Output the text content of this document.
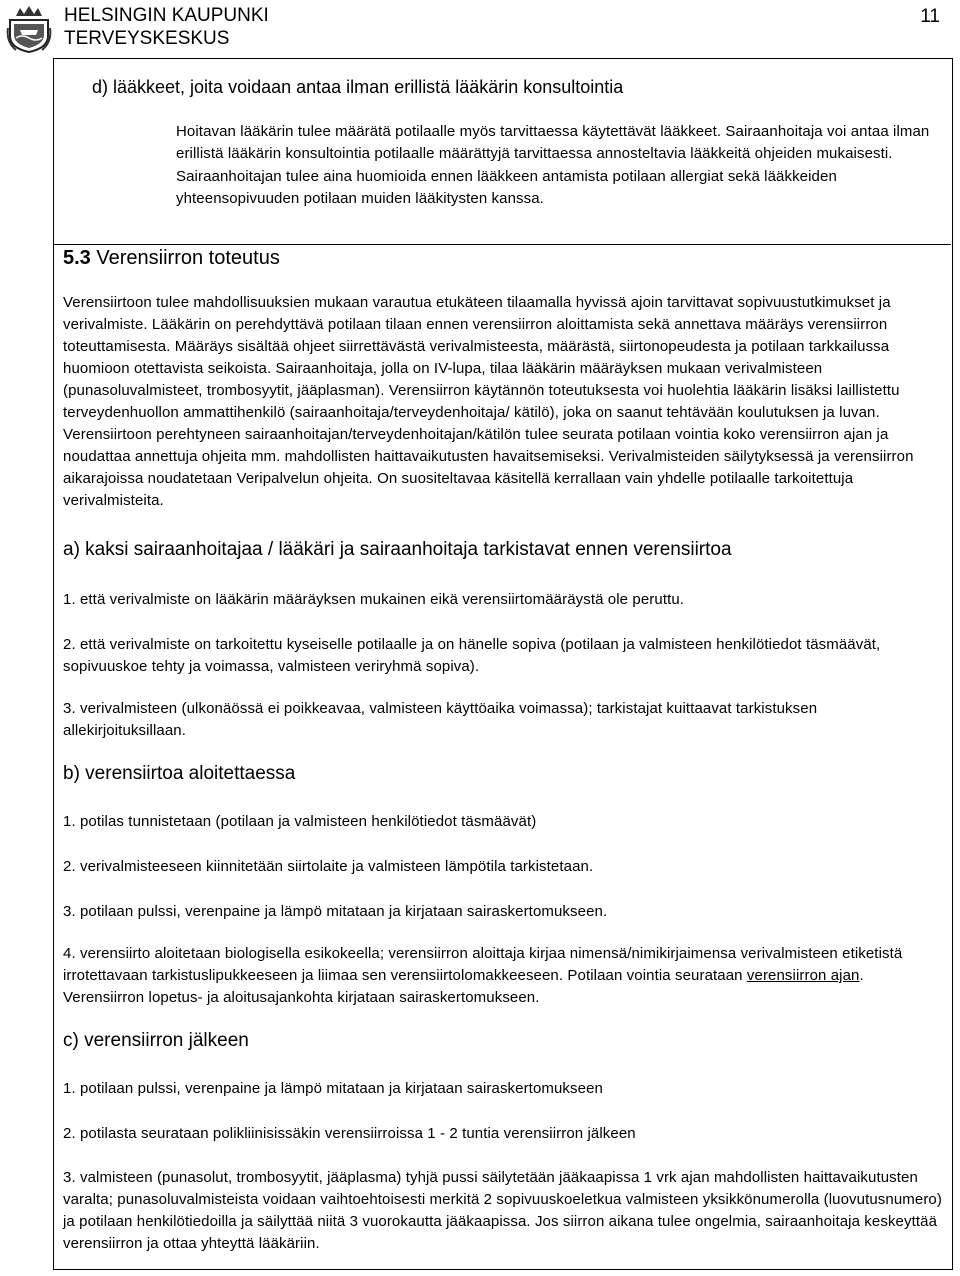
HELSINGIN KAUPUNKI
TERVEYSKESKUS
11
d) lääkkeet, joita voidaan antaa ilman erillistä lääkärin konsultointia

Hoitavan lääkärin tulee määrätä potilaalle myös tarvittaessa käytettävät lääkkeet. Sairaanhoitaja voi antaa ilman erillistä lääkärin konsultointia potilaalle määrättyjä tarvittaessa annosteltavia lääkkeitä ohjeiden mukaisesti.

Sairaanhoitajan tulee aina huomioida ennen lääkkeen antamista potilaan allergiat sekä lääkkeiden yhteensopivuuden potilaan muiden lääkitysten kanssa.

5.3 Verensiirron toteutus

Verensiirtoon tulee mahdollisuuksien mukaan varautua etukäteen tilaamalla hyvissä ajoin tarvittavat sopivuustutkimukset ja verivalmiste. Lääkärin on perehdyttävä potilaan tilaan ennen verensiirron aloittamista sekä annettava määräys verensiirron toteuttamisesta. Määräys sisältää ohjeet siirrettävästä verivalmisteesta, määrästä, siirtonopeudesta ja potilaan tarkkailussa huomioon otettavista seikoista. Sairaanhoitaja, jolla on IV-lupa, tilaa lääkärin määräyksen mukaan verivalmisteen (punasoluvalmisteet, trombosyytit, jääplasman). Verensiirron käytännön toteutuksesta voi huolehtia lääkärin lisäksi laillistettu terveydenhuollon ammattihenkilö (sairaanhoitaja/terveydenhoitaja/ kätilö), joka on saanut tehtävään koulutuksen ja luvan. Verensiirtoon perehtyneen sairaanhoitajan/terveydenhoitajan/kätilön tulee seurata potilaan vointia koko verensiirron ajan ja noudattaa annettuja ohjeita mm. mahdollisten haittavaikutusten havaitsemiseksi. Verivalmisteiden säilytyksessä ja verensiirron aikarajoissa noudatetaan Veripalvelun ohjeita. On suositeltavaa käsitellä kerrallaan vain yhdelle potilaalle tarkoitettuja verivalmisteita.

a) kaksi sairaanhoitajaa / lääkäri ja sairaanhoitaja tarkistavat ennen verensiirtoa

1. että verivalmiste on lääkärin määräyksen mukainen eikä verensiirtomääräystä ole peruttu.

2. että verivalmiste on tarkoitettu kyseiselle potilaalle ja on hänelle sopiva (potilaan ja valmisteen henkilötiedot täsmäävät, sopivuuskoe tehty ja voimassa, valmisteen veriryhmä sopiva).

3. verivalmisteen (ulkonäössä ei poikkeavaa, valmisteen käyttöaika voimassa); tarkistajat kuittaavat tarkistuksen allekirjoituksillaan.

b) verensiirtoa aloitettaessa

1. potilas tunnistetaan (potilaan ja valmisteen henkilötiedot täsmäävät)

2. verivalmisteeseen kiinnitetään siirtolaite ja valmisteen lämpötila tarkistetaan.

3. potilaan pulssi, verenpaine ja lämpö mitataan ja kirjataan sairaskertomukseen.

4. verensiirto aloitetaan biologisella esikokeella; verensiirron aloittaja kirjaa nimensä/nimikirjaimensa verivalmisteen etiketistä irrotettavaan tarkistuslipukkeeseen ja liimaa sen verensiirtolomakkeeseen. Potilaan vointia seurataan verensiirron ajan. Verensiirron lopetus- ja aloitusajankohta kirjataan sairaskertomukseen.

c) verensiirron jälkeen

1. potilaan pulssi, verenpaine ja lämpö mitataan ja kirjataan sairaskertomukseen

2. potilasta seurataan polikliinisissäkin verensiirroissa 1 - 2 tuntia verensiirron jälkeen

3. valmisteen (punasolut, trombosyytit, jääplasma) tyhjä pussi säilytetään jääkaapissa 1 vrk ajan mahdollisten haittavaikutusten varalta; punasoluvalmisteista voidaan vaihtoehtoisesti merkitä 2 sopivuuskoeletkua valmisteen yksikkönumerolla (luovutusnumero) ja potilaan henkilötiedoilla ja säilyttää niitä 3 vuorokautta jääkaapissa. Jos siirron aikana tulee ongelmia, sairaanhoitaja keskeyttää verensiirron ja ottaa yhteyttä lääkäriin.
